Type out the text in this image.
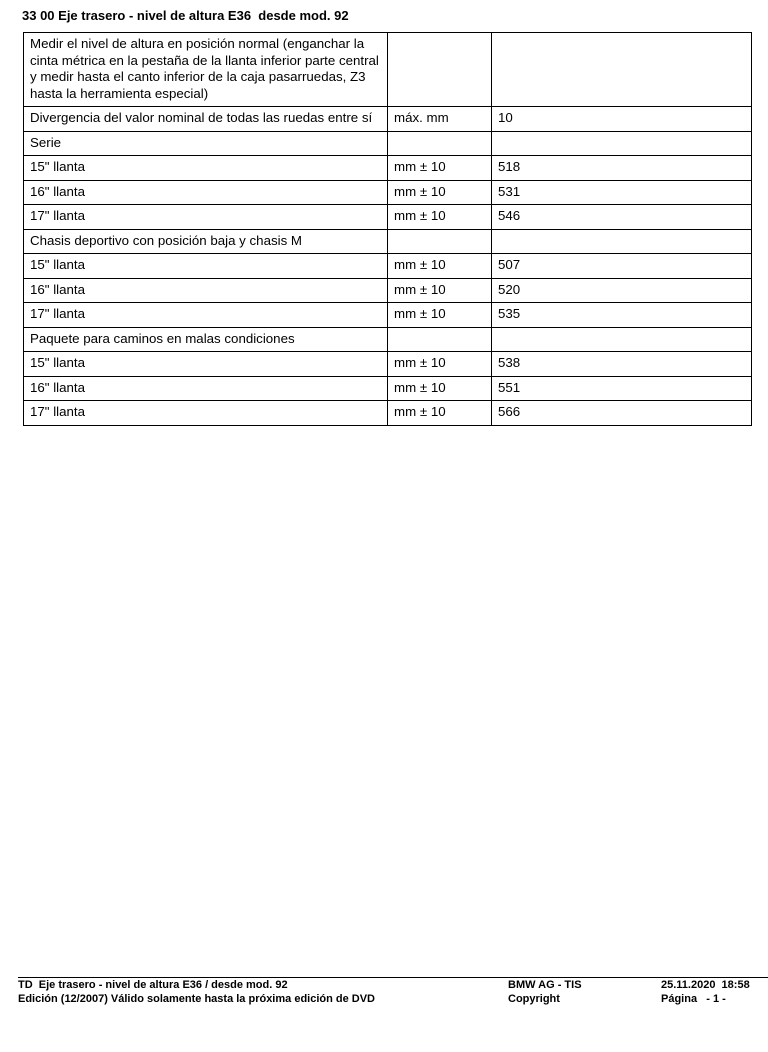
33 00 Eje trasero - nivel de altura E36  desde mod. 92
Medir el nivel de altura en posición normal (enganchar la cinta métrica en la pestaña de la llanta inferior parte central y medir hasta el canto inferior de la caja pasarruedas, Z3 hasta la herramienta especial)		
Divergencia del valor nominal de todas las ruedas entre sí	máx. mm	10
Serie		
15" llanta	mm ± 10	518
16" llanta	mm ± 10	531
17" llanta	mm ± 10	546
Chasis deportivo con posición baja y chasis M		
15" llanta	mm ± 10	507
16" llanta	mm ± 10	520
17" llanta	mm ± 10	535
Paquete para caminos en malas condiciones		
15" llanta	mm ± 10	538
16" llanta	mm ± 10	551
17" llanta	mm ± 10	566

TD  Eje trasero - nivel de altura E36 / desde mod. 92

	BMW AG - TIS

	25.11.2020  18:58

Edición (12/2007) Válido solamente hasta la próxima edición de DVD

	Copyright

	Página   - 1 -
